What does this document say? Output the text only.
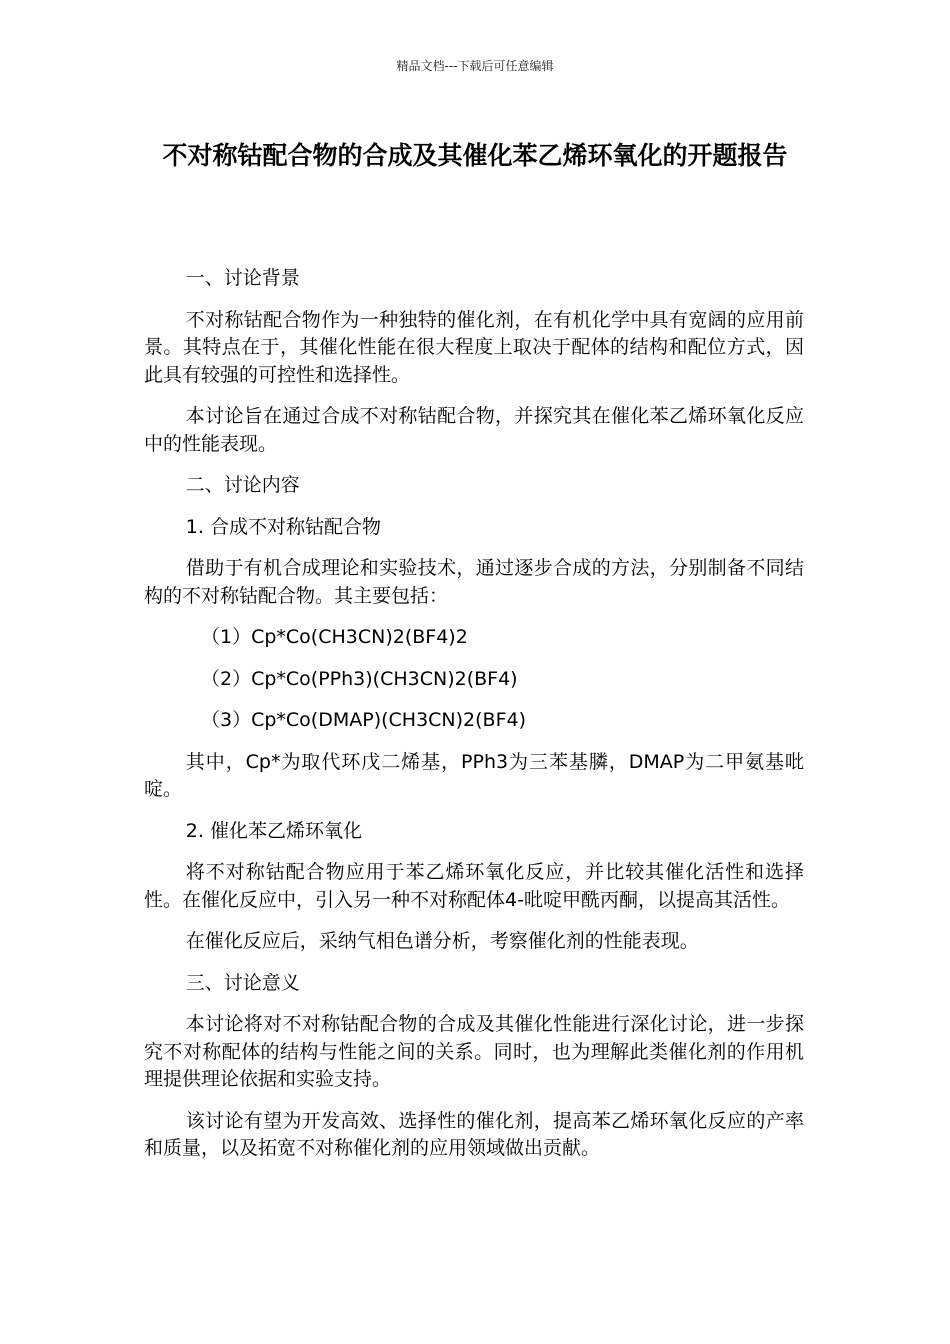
精品文档---下载后可任意编辑
不对称钴配合物的合成及其催化苯乙烯环氧化的开题报告

一、讨论背景

不对称钴配合物作为一种独特的催化剂，在有机化学中具有宽阔的应用前景。其特点在于，其催化性能在很大程度上取决于配体的结构和配位方式，因此具有较强的可控性和选择性。

本讨论旨在通过合成不对称钴配合物，并探究其在催化苯乙烯环氧化反应中的性能表现。

二、讨论内容

1. 合成不对称钴配合物

借助于有机合成理论和实验技术，通过逐步合成的方法，分别制备不同结构的不对称钴配合物。其主要包括：

（1）Cp*Co(CH3CN)2(BF4)2

（2）Cp*Co(PPh3)(CH3CN)2(BF4)

（3）Cp*Co(DMAP)(CH3CN)2(BF4)

其中，Cp*为取代环戊二烯基，PPh3为三苯基膦，DMAP为二甲氨基吡啶。

2. 催化苯乙烯环氧化

将不对称钴配合物应用于苯乙烯环氧化反应，并比较其催化活性和选择性。在催化反应中，引入另一种不对称配体4-吡啶甲酰丙酮，以提高其活性。

在催化反应后，采纳气相色谱分析，考察催化剂的性能表现。

三、讨论意义

本讨论将对不对称钴配合物的合成及其催化性能进行深化讨论，进一步探究不对称配体的结构与性能之间的关系。同时，也为理解此类催化剂的作用机理提供理论依据和实验支持。

该讨论有望为开发高效、选择性的催化剂，提高苯乙烯环氧化反应的产率和质量，以及拓宽不对称催化剂的应用领域做出贡献。
